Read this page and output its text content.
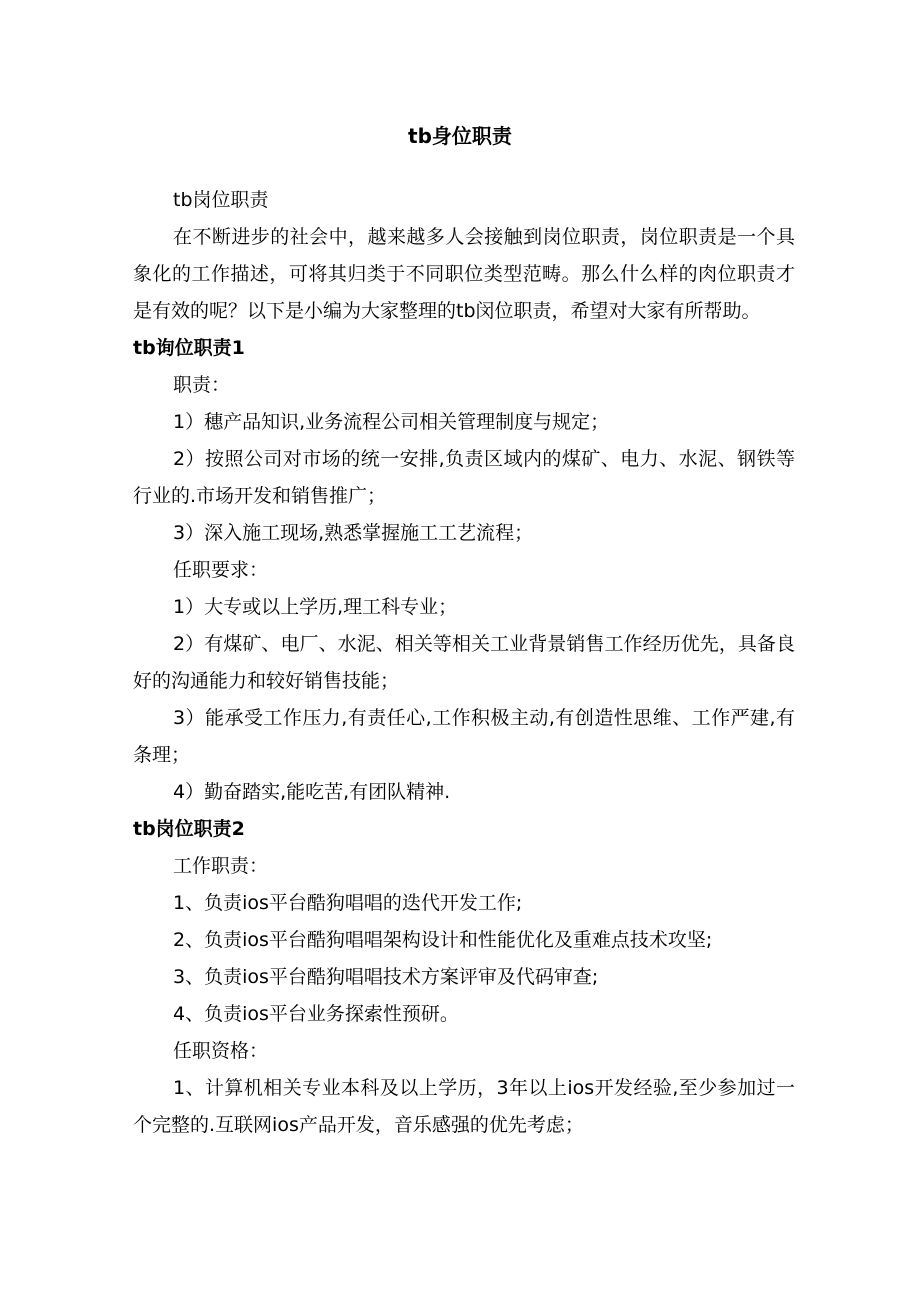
tb身位职责

tb岗位职责

在不断进步的社会中，越来越多人会接触到岗位职责，岗位职责是一个具象化的工作描述，可将其归类于不同职位类型范畴。那么什么样的肉位职责才是有效的呢？以下是小编为大家整理的tb闵位职责，希望对大家有所帮助。

tb询位职责1

职责：

1）穗产品知识,业务流程公司相关管理制度与规定；

2）按照公司对市场的统一安排,负责区域内的煤矿、电力、水泥、钢铁等行业的.市场开发和销售推广；

3）深入施工现场,熟悉掌握施工工艺流程；

任职要求：

1）大专或以上学历,理工科专业；

2）有煤矿、电厂、水泥、相关等相关工业背景销售工作经历优先，具备良好的沟通能力和较好销售技能；

3）能承受工作压力,有责任心,工作积极主动,有创造性思维、工作严建,有条理；

4）勤奋踏实,能吃苦,有团队精神.

tb岗位职责2

工作职责：

1、负责ios平台酷狗唱唱的迭代开发工作;

2、负责ios平台酷狗唱唱架构设计和性能优化及重难点技术攻坚;

3、负责ios平台酷狗唱唱技术方案评审及代码审查;

4、负责ios平台业务探索性预研。

任职资格：

1、计算机相关专业本科及以上学历，3年以上ios开发经验,至少参加过一个完整的.互联网ios产品开发，音乐感强的优先考虑；
